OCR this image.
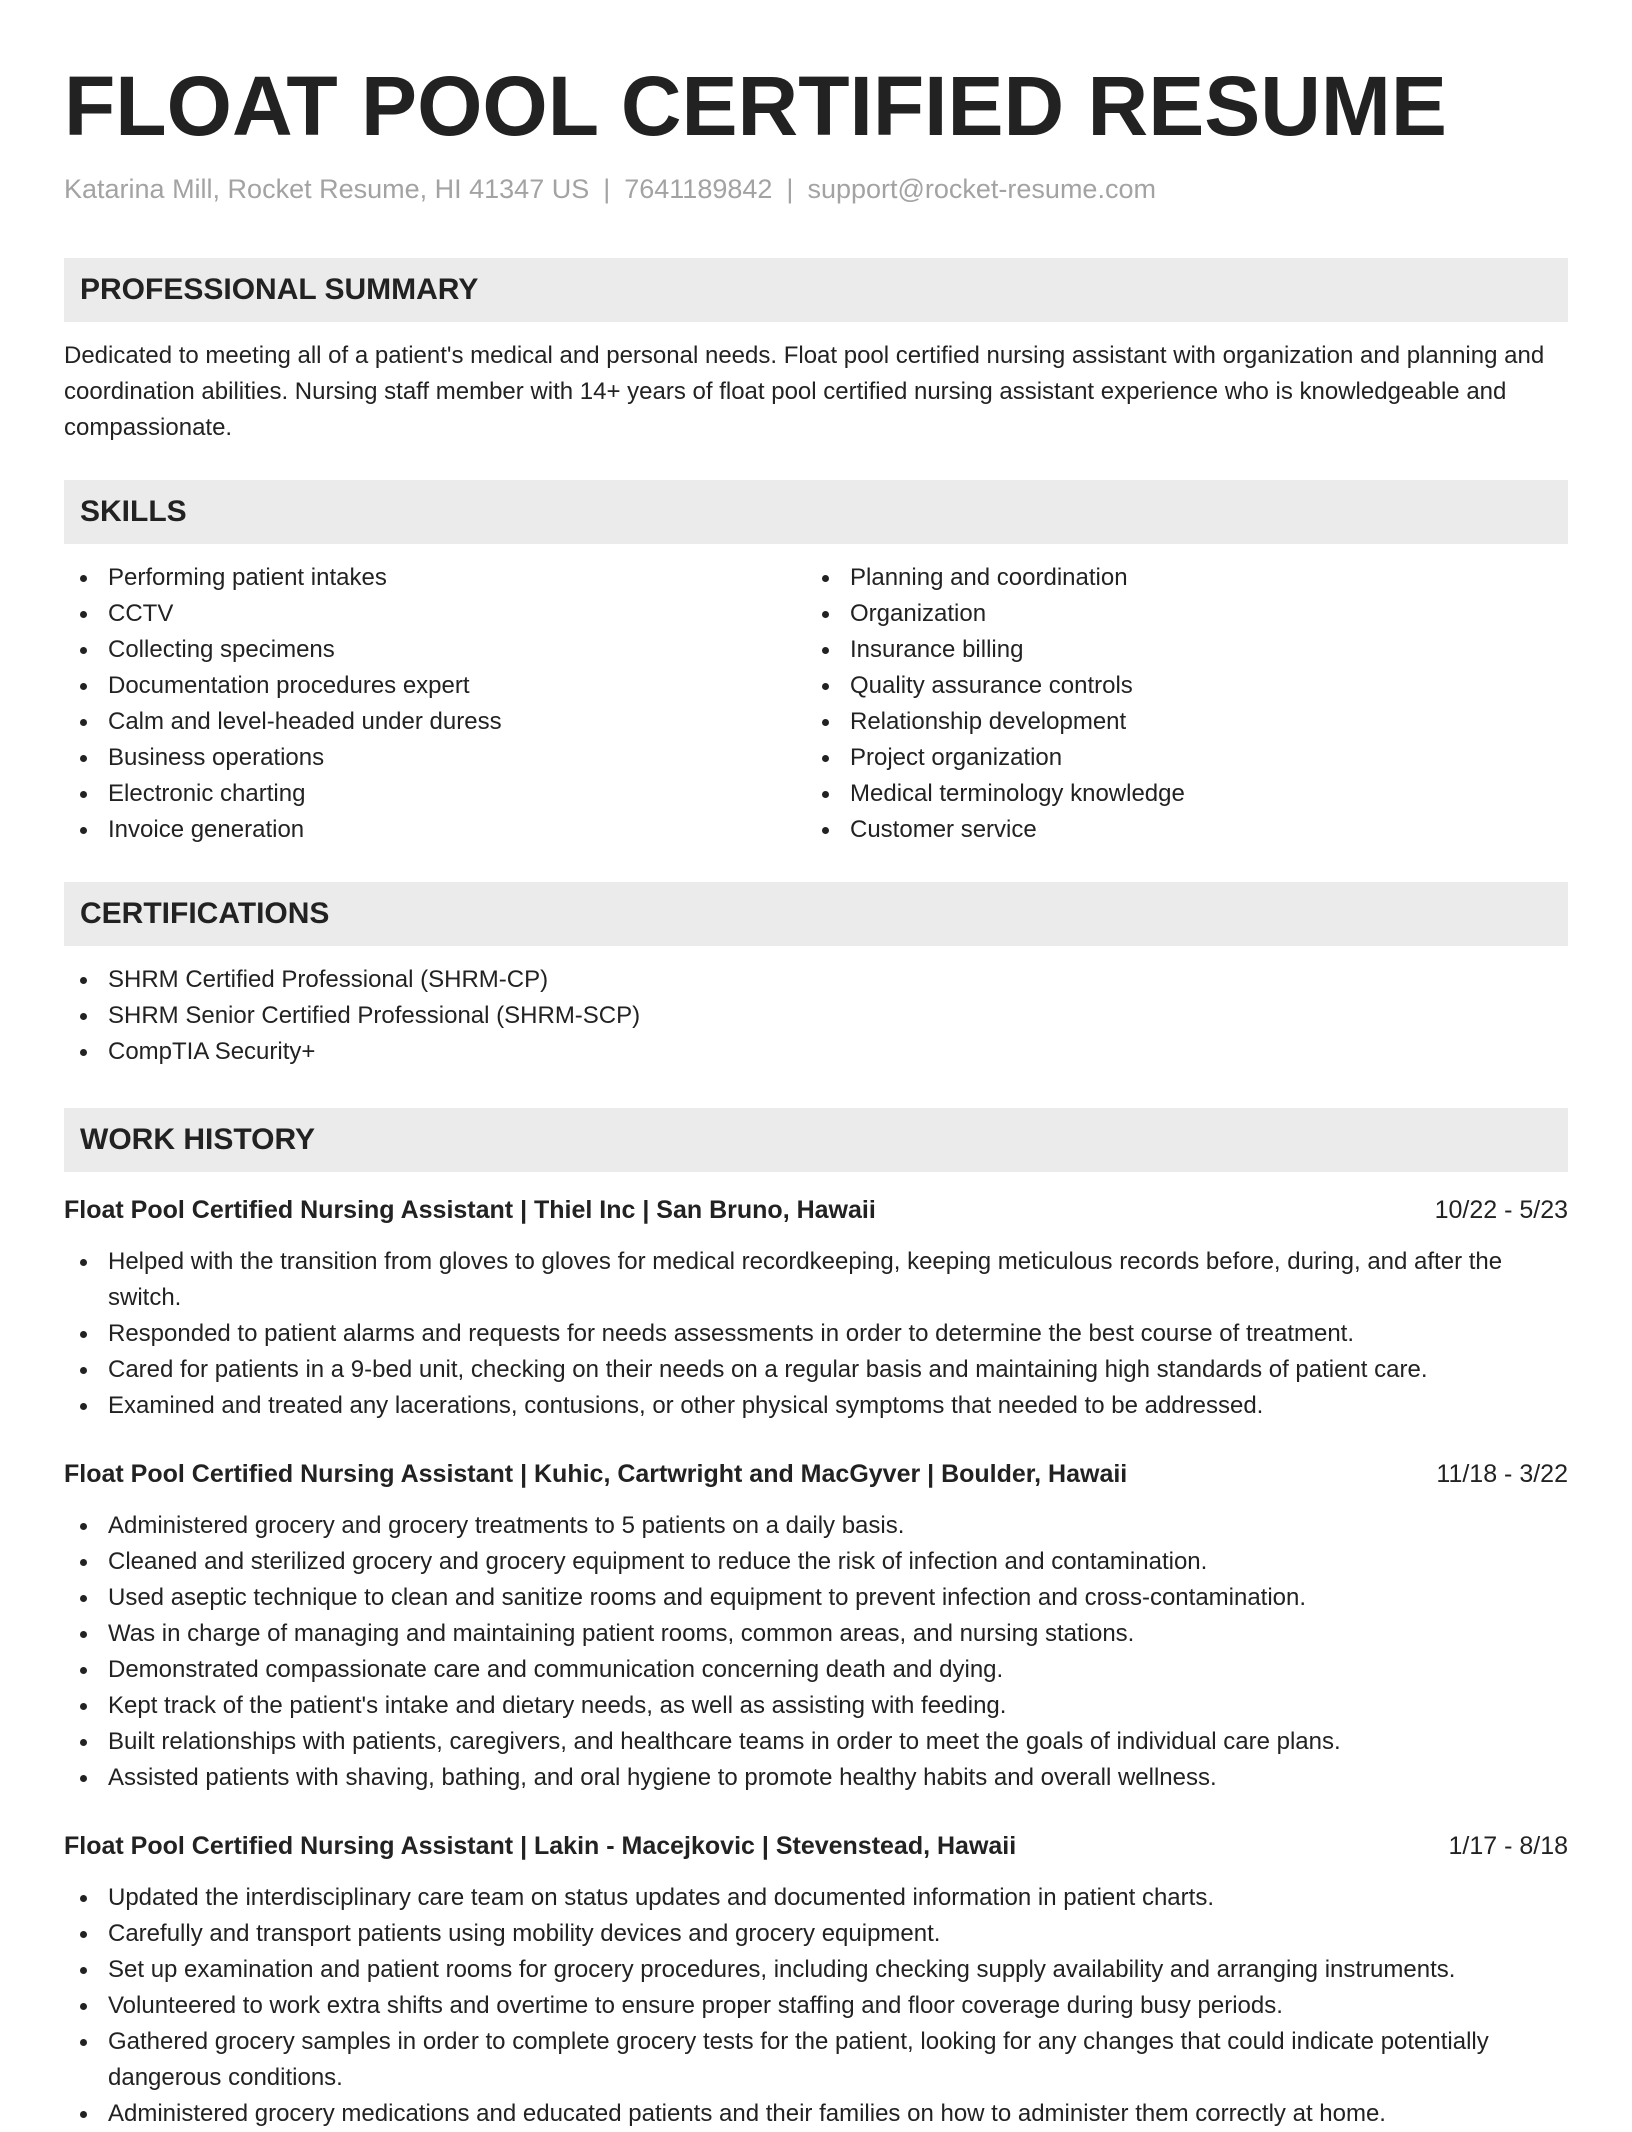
FLOAT POOL CERTIFIED RESUME
Katarina Mill, Rocket Resume, HI 41347 US | 7641189842 | support@rocket-resume.com
PROFESSIONAL SUMMARY
Dedicated to meeting all of a patient's medical and personal needs. Float pool certified nursing assistant with organization and planning and coordination abilities. Nursing staff member with 14+ years of float pool certified nursing assistant experience who is knowledgeable and compassionate.
SKILLS
Performing patient intakes
CCTV
Collecting specimens
Documentation procedures expert
Calm and level-headed under duress
Business operations
Electronic charting
Invoice generation
Planning and coordination
Organization
Insurance billing
Quality assurance controls
Relationship development
Project organization
Medical terminology knowledge
Customer service
CERTIFICATIONS
SHRM Certified Professional (SHRM-CP)
SHRM Senior Certified Professional (SHRM-SCP)
CompTIA Security+
WORK HISTORY
Float Pool Certified Nursing Assistant | Thiel Inc | San Bruno, Hawaii	10/22 - 5/23
Helped with the transition from gloves to gloves for medical recordkeeping, keeping meticulous records before, during, and after the switch.
Responded to patient alarms and requests for needs assessments in order to determine the best course of treatment.
Cared for patients in a 9-bed unit, checking on their needs on a regular basis and maintaining high standards of patient care.
Examined and treated any lacerations, contusions, or other physical symptoms that needed to be addressed.
Float Pool Certified Nursing Assistant | Kuhic, Cartwright and MacGyver | Boulder, Hawaii	11/18 - 3/22
Administered grocery and grocery treatments to 5 patients on a daily basis.
Cleaned and sterilized grocery and grocery equipment to reduce the risk of infection and contamination.
Used aseptic technique to clean and sanitize rooms and equipment to prevent infection and cross-contamination.
Was in charge of managing and maintaining patient rooms, common areas, and nursing stations.
Demonstrated compassionate care and communication concerning death and dying.
Kept track of the patient's intake and dietary needs, as well as assisting with feeding.
Built relationships with patients, caregivers, and healthcare teams in order to meet the goals of individual care plans.
Assisted patients with shaving, bathing, and oral hygiene to promote healthy habits and overall wellness.
Float Pool Certified Nursing Assistant | Lakin - Macejkovic | Stevenstead, Hawaii	1/17 - 8/18
Updated the interdisciplinary care team on status updates and documented information in patient charts.
Carefully and transport patients using mobility devices and grocery equipment.
Set up examination and patient rooms for grocery procedures, including checking supply availability and arranging instruments.
Volunteered to work extra shifts and overtime to ensure proper staffing and floor coverage during busy periods.
Gathered grocery samples in order to complete grocery tests for the patient, looking for any changes that could indicate potentially dangerous conditions.
Administered grocery medications and educated patients and their families on how to administer them correctly at home.
